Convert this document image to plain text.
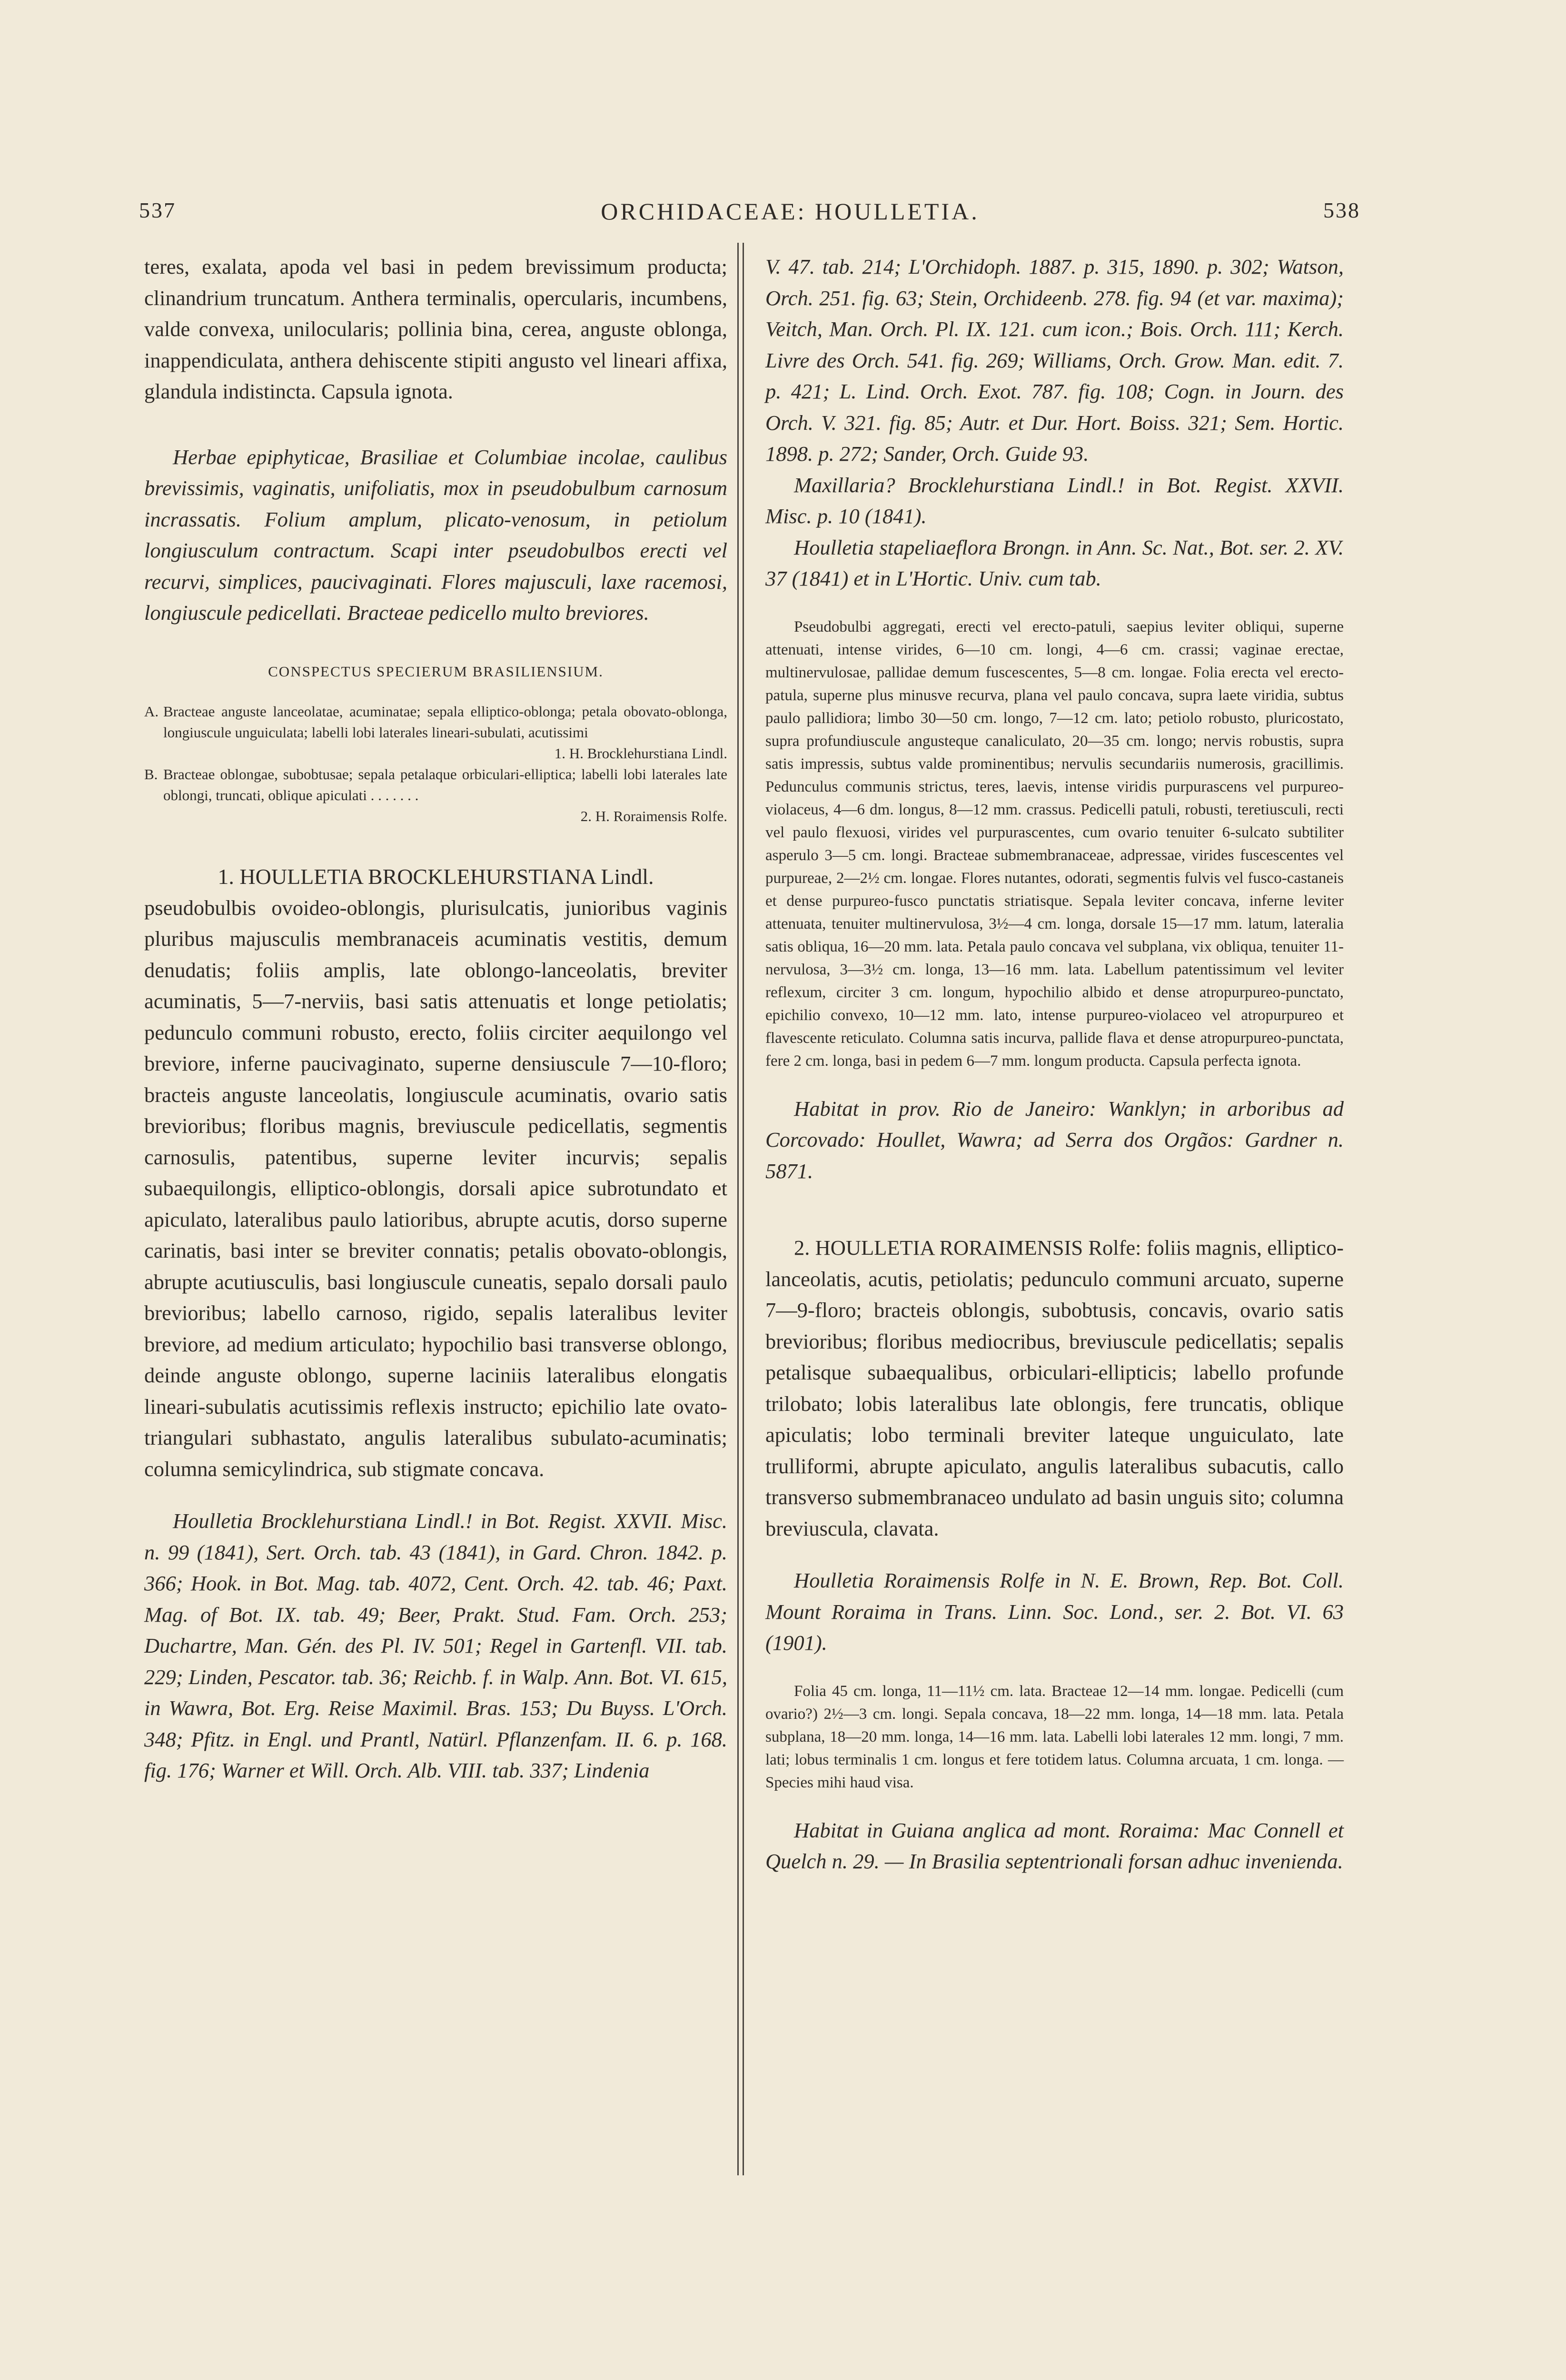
537	ORCHIDACEAE: HOULLETIA.	538

teres, exalata, apoda vel basi in pedem brevissimum producta; clinandrium truncatum. Anthera terminalis, opercularis, incumbens, valde convexa, unilocularis; pollinia bina, cerea, anguste oblonga, inappendiculata, anthera dehiscente stipiti angusto vel lineari affixa, glandula indistincta. Capsula ignota.

Herbae epiphyticae, Brasiliae et Columbiae incolae, caulibus brevissimis, vaginatis, unifoliatis, mox in pseudobulbum carnosum incrassatis. Folium amplum, plicato-venosum, in petiolum longiusculum contractum. Scapi inter pseudobulbos erecti vel recurvi, simplices, paucivaginati. Flores majusculi, laxe racemosi, longiuscule pedicellati. Bracteae pedicello multo breviores.

CONSPECTUS SPECIERUM BRASILIENSIUM.
A. Bracteae anguste lanceolatae, acuminatae; sepala elliptico-oblonga; petala obovato-oblonga, longiuscule unguiculata; labelli lobi laterales lineari-subulati, acutissimi
1. H. Brocklehurstiana Lindl.
B. Bracteae oblongae, subobtusae; sepala petalaque orbiculari-elliptica; labelli lobi laterales late oblongi, truncati, oblique apiculati . . . . . . .
2. H. Roraimensis Rolfe.
1. HOULLETIA BROCKLEHURSTIANA Lindl.

pseudobulbis ovoideo-oblongis, plurisulcatis, junioribus vaginis pluribus majusculis membranaceis acuminatis vestitis, demum denudatis; foliis amplis, late oblongo-lanceolatis, breviter acuminatis, 5—7-nerviis, basi satis attenuatis et longe petiolatis; pedunculo communi robusto, erecto, foliis circiter aequilongo vel breviore, inferne paucivaginato, superne densiuscule 7—10-floro; bracteis anguste lanceolatis, longiuscule acuminatis, ovario satis brevioribus; floribus magnis, breviuscule pedicellatis, segmentis carnosulis, patentibus, superne leviter incurvis; sepalis subaequilongis, elliptico-oblongis, dorsali apice subrotundato et apiculato, lateralibus paulo latioribus, abrupte acutis, dorso superne carinatis, basi inter se breviter connatis; petalis obovato-oblongis, abrupte acutiusculis, basi longiuscule cuneatis, sepalo dorsali paulo brevioribus; labello carnoso, rigido, sepalis lateralibus leviter breviore, ad medium articulato; hypochilio basi transverse oblongo, deinde anguste oblongo, superne laciniis lateralibus elongatis lineari-subulatis acutissimis reflexis instructo; epichilio late ovato-triangulari subhastato, angulis lateralibus subulato-acuminatis; columna semicylindrica, sub stigmate concava.

Houlletia Brocklehurstiana Lindl.! in Bot. Regist. XXVII. Misc. n. 99 (1841), Sert. Orch. tab. 43 (1841), in Gard. Chron. 1842. p. 366; Hook. in Bot. Mag. tab. 4072, Cent. Orch. 42. tab. 46; Paxt. Mag. of Bot. IX. tab. 49; Beer, Prakt. Stud. Fam. Orch. 253; Duchartre, Man. Gén. des Pl. IV. 501; Regel in Gartenfl. VII. tab. 229; Linden, Pescator. tab. 36; Reichb. f. in Walp. Ann. Bot. VI. 615, in Wawra, Bot. Erg. Reise Maximil. Bras. 153; Du Buyss. L'Orch. 348; Pfitz. in Engl. und Prantl, Natürl. Pflanzenfam. II. 6. p. 168. fig. 176; Warner et Will. Orch. Alb. VIII. tab. 337; Lindenia

V. 47. tab. 214; L'Orchidoph. 1887. p. 315, 1890. p. 302; Watson, Orch. 251. fig. 63; Stein, Orchideenb. 278. fig. 94 (et var. maxima); Veitch, Man. Orch. Pl. IX. 121. cum icon.; Bois. Orch. 111; Kerch. Livre des Orch. 541. fig. 269; Williams, Orch. Grow. Man. edit. 7. p. 421; L. Lind. Orch. Exot. 787. fig. 108; Cogn. in Journ. des Orch. V. 321. fig. 85; Autr. et Dur. Hort. Boiss. 321; Sem. Hortic. 1898. p. 272; Sander, Orch. Guide 93.

Maxillaria? Brocklehurstiana Lindl.! in Bot. Regist. XXVII. Misc. p. 10 (1841).

Houlletia stapeliaeflora Brongn. in Ann. Sc. Nat., Bot. ser. 2. XV. 37 (1841) et in L'Hortic. Univ. cum tab.

Pseudobulbi aggregati, erecti vel erecto-patuli, saepius leviter obliqui, superne attenuati, intense virides, 6—10 cm. longi, 4—6 cm. crassi; vaginae erectae, multinervulosae, pallidae demum fuscescentes, 5—8 cm. longae. Folia erecta vel erecto-patula, superne plus minusve recurva, plana vel paulo concava, supra laete viridia, subtus paulo pallidiora; limbo 30—50 cm. longo, 7—12 cm. lato; petiolo robusto, pluricostato, supra profundiuscule angusteque canaliculato, 20—35 cm. longo; nervis robustis, supra satis impressis, subtus valde prominentibus; nervulis secundariis numerosis, gracillimis. Pedunculus communis strictus, teres, laevis, intense viridis purpurascens vel purpureo-violaceus, 4—6 dm. longus, 8—12 mm. crassus. Pedicelli patuli, robusti, teretiusculi, recti vel paulo flexuosi, virides vel purpurascentes, cum ovario tenuiter 6-sulcato subtiliter asperulo 3—5 cm. longi. Bracteae submembranaceae, adpressae, virides fuscescentes vel purpureae, 2—2½ cm. longae. Flores nutantes, odorati, segmentis fulvis vel fusco-castaneis et dense purpureo-fusco punctatis striatisque. Sepala leviter concava, inferne leviter attenuata, tenuiter multinervulosa, 3½—4 cm. longa, dorsale 15—17 mm. latum, lateralia satis obliqua, 16—20 mm. lata. Petala paulo concava vel subplana, vix obliqua, tenuiter 11-nervulosa, 3—3½ cm. longa, 13—16 mm. lata. Labellum patentissimum vel leviter reflexum, circiter 3 cm. longum, hypochilio albido et dense atropurpureo-punctato, epichilio convexo, 10—12 mm. lato, intense purpureo-violaceo vel atropurpureo et flavescente reticulato. Columna satis incurva, pallide flava et dense atropurpureo-punctata, fere 2 cm. longa, basi in pedem 6—7 mm. longum producta. Capsula perfecta ignota.

Habitat in prov. Rio de Janeiro: Wanklyn; in arboribus ad Corcovado: Houllet, Wawra; ad Serra dos Orgãos: Gardner n. 5871.

2. HOULLETIA RORAIMENSIS Rolfe: foliis magnis, elliptico-lanceolatis, acutis, petiolatis; pedunculo communi arcuato, superne 7—9-floro; bracteis oblongis, subobtusis, concavis, ovario satis brevioribus; floribus mediocribus, breviuscule pedicellatis; sepalis petalisque subaequalibus, orbiculari-ellipticis; labello profunde trilobato; lobis lateralibus late oblongis, fere truncatis, oblique apiculatis; lobo terminali breviter lateque unguiculato, late trulliformi, abrupte apiculato, angulis lateralibus subacutis, callo transverso submembranaceo undulato ad basin unguis sito; columna breviuscula, clavata.

Houlletia Roraimensis Rolfe in N. E. Brown, Rep. Bot. Coll. Mount Roraima in Trans. Linn. Soc. Lond., ser. 2. Bot. VI. 63 (1901).

Folia 45 cm. longa, 11—11½ cm. lata. Bracteae 12—14 mm. longae. Pedicelli (cum ovario?) 2½—3 cm. longi. Sepala concava, 18—22 mm. longa, 14—18 mm. lata. Petala subplana, 18—20 mm. longa, 14—16 mm. lata. Labelli lobi laterales 12 mm. longi, 7 mm. lati; lobus terminalis 1 cm. longus et fere totidem latus. Columna arcuata, 1 cm. longa. — Species mihi haud visa.

Habitat in Guiana anglica ad mont. Roraima: Mac Connell et Quelch n. 29. — In Brasilia septentrionali forsan adhuc invenienda.
